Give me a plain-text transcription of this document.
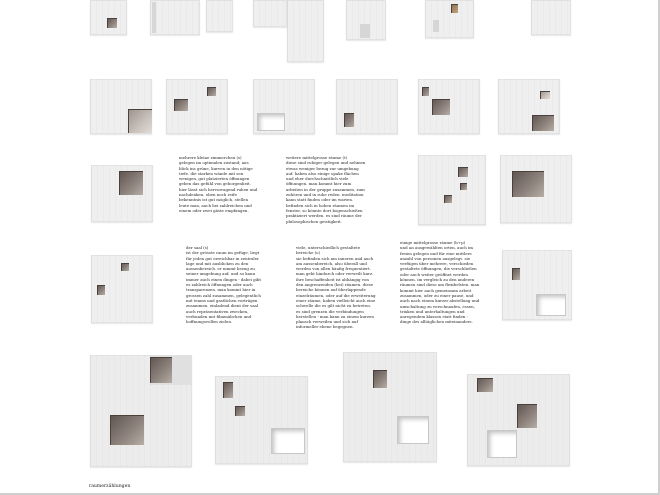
mehrere kleine zimmerchen (s)
gelegen im optimalen zustand; aus blick ins grüne, kurven in den nötige tiefe. die starken wände mit sen wenigen, gut platzierten öffnungen geben das gefühl von geborgenheit. hier lässt sich hervorragend ruhen und nachdenken. oben noch reife bekenntnis ist gut möglich. stellen leute man, auch bei zahlreichen und einem oder zwei gäste empfangen.
weitere mittelgrosse räume (t)
diese sind ruhiger gelegen und nehmen etwas weniger bezug zur umgebung auf. haben also einige opake flächen und eher durchschnittlich viele öffnungen. man kommt hier zum arbeiten in der gruppe zusammen, zum zuhören und in ruhe reden. meditation kann statt finden oder im warten. befinden sich in hohen räumen im fenster, so könnte dort bogenschießen praktiziert werden. es sind räume der philosophischen geistigkeit.
der saal (s)
ist der grösste raum im gefüge, liegt für jeden gut erreichbar in zentraler lage und mit ausblicken zu den aussenbereich. er nimmt bezug zu seiner umgebung auf, und so kann immer auch einen dingen - dabei gibt es zahlreich öffnungen oder auch transparenzen. man kommt hier in grossen zahl zusammen, gelegentlich mit teams und gastlichen vorträgen zusammen. einladend dient der saal auch repräsentativen zwecken, verbunden mit filmmäbchen und hoffnungsvollen zielen.
viele, unterschiedlich gestaltete bereiche (o)
sie befinden sich am inneren und auch am aussenbereich, also überall und werden von allen häufig frequentiert. man geht hindurch oder verweilt kurz. ihre beschaffenheit ist abhängig von den angrenzenden (bei) räumen. diese bereiche können auf überlappende einzelräumen, oder auf die erweiterung einer räume, haben vielleicht auch eine schwelle die es gilt nicht zu betreten. es sind grenzen die verbindungen herstellen - man kann zu einem kurzen plausch verweilen und sich auf informeller ebene begegnen.
einige mittelgrosse räume (b+p)
und an ausgewählten orten, auch im freien gelegen und für eine mittlere anzahl von personen ausgelegt. sie verfügen über mehrere, verschieden gestaltete öffnungen, die verschließen oder auch weiter geöffnet werden können. im vergleich zu den anderen räumen sind diese am flexibelsten. man kommt hier auch gemeinsam arbeit zusammen, oder zu einer pause, und auch nach einem kurzer abstellung und umschaltung zu verschnaufen, essen, trinken und unterhaltungen und anregendem klassen statt finden - dinge des alltäglichen miteinanders.
raumerzählungen
